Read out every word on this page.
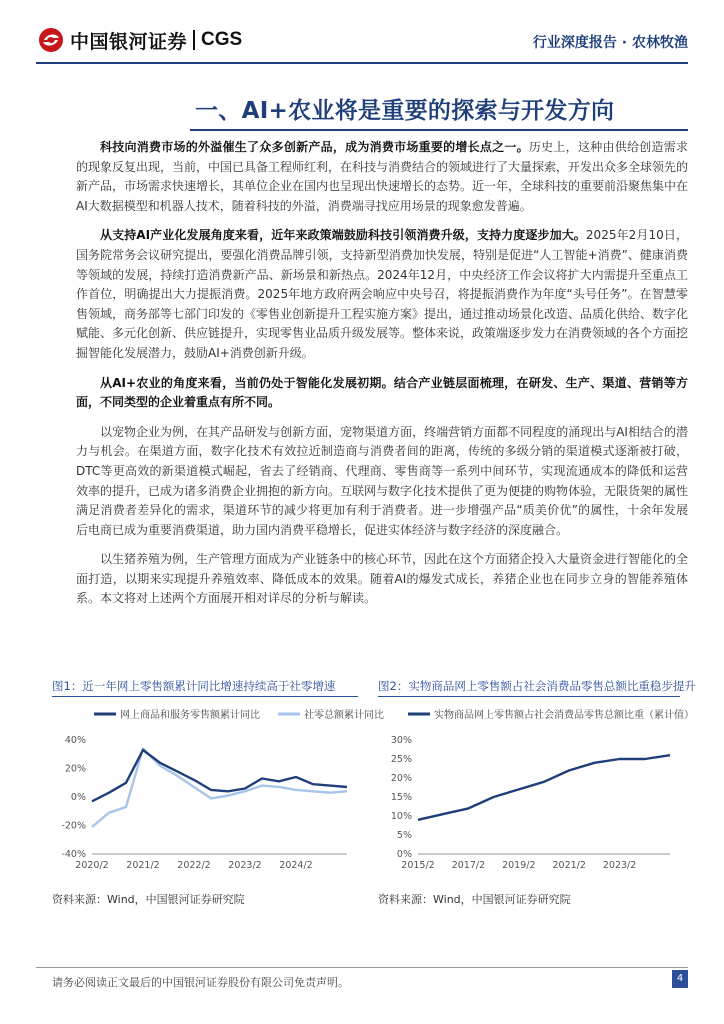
中国银河证券 CGS	行业深度报告 · 农林牧渔
一、AI+农业将是重要的探索与开发方向

科技向消费市场的外溢催生了众多创新产品，成为消费市场重要的增长点之一。历史上，这种由供给创造需求的现象反复出现，当前，中国已具备工程师红利，在科技与消费结合的领域进行了大量探索，开发出众多全球领先的新产品，市场需求快速增长，其单位企业在国内也呈现出快速增长的态势。近一年，全球科技的重要前沿聚焦集中在AI大数据模型和机器人技术，随着科技的外溢，消费端寻找应用场景的现象愈发普遍。

从支持AI产业化发展角度来看，近年来政策端鼓励科技引领消费升级，支持力度逐步加大。2025年2月10日，国务院常务会议研究提出，要强化消费品牌引领，支持新型消费加快发展，特别是促进“人工智能+消费”、健康消费等领域的发展，持续打造消费新产品、新场景和新热点。2024年12月，中央经济工作会议将扩大内需提升至重点工作首位，明确提出大力提振消费。2025年地方政府两会响应中央号召，将提振消费作为年度“头号任务”。在智慧零售领域，商务部等七部门印发的《零售业创新提升工程实施方案》提出，通过推动场景化改造、品质化供给、数字化赋能、多元化创新、供应链提升，实现零售业品质升级发展等。整体来说，政策端逐步发力在消费领域的各个方面挖掘智能化发展潜力，鼓励AI+消费创新升级。

从AI+农业的角度来看，当前仍处于智能化发展初期。结合产业链层面梳理，在研发、生产、渠道、营销等方面，不同类型的企业着重点有所不同。

以宠物企业为例，在其产品研发与创新方面，宠物渠道方面，终端营销方面都不同程度的涌现出与AI相结合的潜力与机会。在渠道方面，数字化技术有效拉近制造商与消费者间的距离，传统的多级分销的渠道模式逐渐被打破，DTC等更高效的新渠道模式崛起，省去了经销商、代理商、零售商等一系列中间环节，实现流通成本的降低和运营效率的提升，已成为诸多消费企业拥抱的新方向。互联网与数字化技术提供了更为便捷的购物体验，无限货架的属性满足消费者差异化的需求，渠道环节的减少将更加有利于消费者。进一步增强产品“质美价优”的属性，十余年发展后电商已成为重要消费渠道，助力国内消费平稳增长，促进实体经济与数字经济的深度融合。

以生猪养殖为例，生产管理方面成为产业链条中的核心环节，因此在这个方面猪企投入大量资金进行智能化的全面打造，以期来实现提升养殖效率、降低成本的效果。随着AI的爆发式成长，养猪企业也在同步立身的智能养殖体系。本文将对上述两个方面展开相对详尽的分析与解读。

图1：近一年网上零售额累计同比增速持续高于社零增速
网上商品和服务零售额累计同比	社零总额累计同比
40%
20%
0%
-20%
-40%
2020/2 2021/2 2022/2 2023/2 2024/2
资料来源：Wind，中国银河证券研究院
图2：实物商品网上零售额占社会消费品零售总额比重稳步提升
实物商品网上零售额占社会消费品零售总额比重（累计值）
30%
25%
20%
15%
10%
5%
0%
2015/2 2017/2 2019/2 2021/2 2023/2
资料来源：Wind，中国银河证券研究院
请务必阅读正文最后的中国银河证券股份有限公司免责声明。	4
